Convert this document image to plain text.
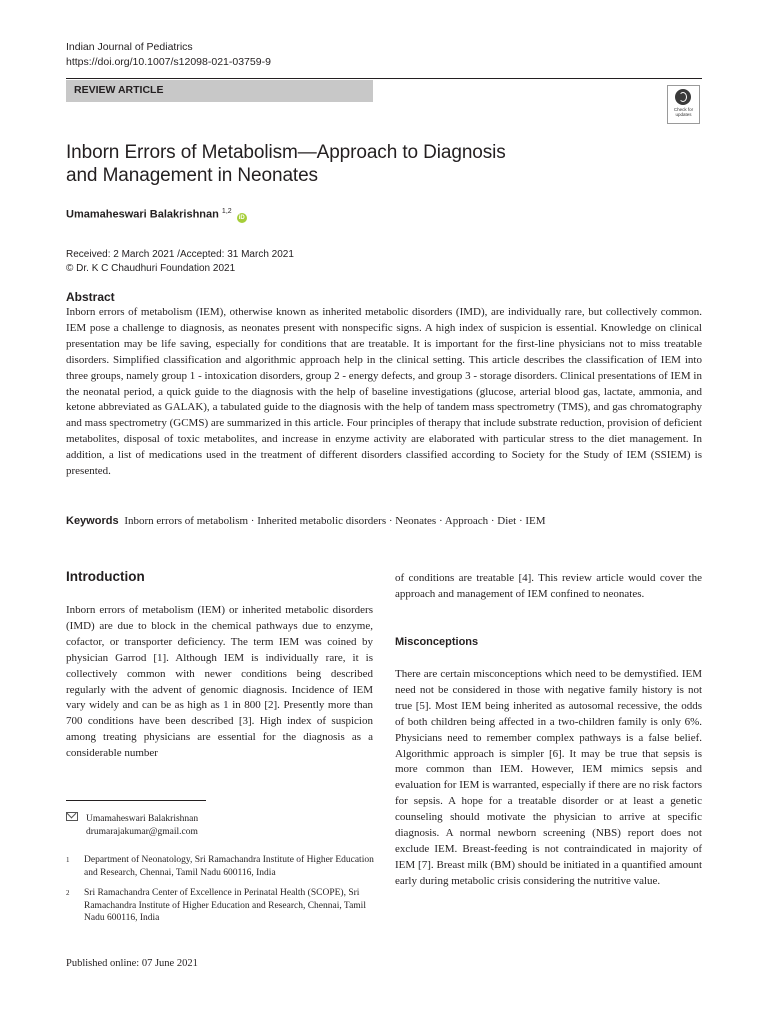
Indian Journal of Pediatrics
https://doi.org/10.1007/s12098-021-03759-9
REVIEW ARTICLE
Check for
updates
Inborn Errors of Metabolism—Approach to Diagnosis
and Management in Neonates
Umamaheswari Balakrishnan $^{1,2}$ iD
Received: 2 March 2021 /Accepted: 31 March 2021
© Dr. K C Chaudhuri Foundation 2021
Abstract
Inborn errors of metabolism (IEM), otherwise known as inherited metabolic disorders (IMD), are individually rare, but collectively common. IEM pose a challenge to diagnosis, as neonates present with nonspecific signs. A high index of suspicion is essential. Knowledge on clinical presentation may be life saving, especially for conditions that are treatable. It is important for the first-line physicians not to miss treatable disorders. Simplified classification and algorithmic approach help in the clinical setting. This article describes the classification of IEM into three groups, namely group 1 - intoxication disorders, group 2 - energy defects, and group 3 - storage disorders. Clinical presentations of IEM in the neonatal period, a quick guide to the diagnosis with the help of baseline investigations (glucose, arterial blood gas, lactate, ammonia, and ketone abbreviated as GALAK), a tabulated guide to the diagnosis with the help of tandem mass spectrometry (TMS), and gas chromatography and mass spectrometry (GCMS) are summarized in this article. Four principles of therapy that include substrate reduction, provision of deficient metabolites, disposal of toxic metabolites, and increase in enzyme activity are elaborated with particular stress to the diet management. In addition, a list of medications used in the treatment of different disorders classified according to Society for the Study of IEM (SSIEM) is presented.
Keywords Inborn errors of metabolism · Inherited metabolic disorders · Neonates · Approach · Diet · IEM
Introduction
Inborn errors of metabolism (IEM) or inherited metabolic disorders (IMD) are due to block in the chemical pathways due to enzyme, cofactor, or transporter deficiency. The term IEM was coined by physician Garrod [1]. Although IEM is individually rare, it is collectively common with newer conditions being described regularly with the advent of genomic diagnosis. Incidence of IEM vary widely and can be as high as 1 in 800 [2]. Presently more than 700 conditions have been described [3]. High index of suspicion among treating physicians are essential for the diagnosis as a considerable number
of conditions are treatable [4]. This review article would cover the approach and management of IEM confined to neonates.
Misconceptions
There are certain misconceptions which need to be demystified. IEM need not be considered in those with negative family history is not true [5]. Most IEM being inherited as autosomal recessive, the odds of both children being affected in a two-children family is only 6%. Physicians need to remember complex pathways is a false belief. Algorithmic approach is simpler [6]. It may be true that sepsis is more common than IEM. However, IEM mimics sepsis and evaluation for IEM is warranted, especially if there are no risk factors for sepsis. A hope for a treatable disorder or at least a genetic counseling should motivate the physician to arrive at specific diagnosis. A normal newborn screening (NBS) report does not exclude IEM. Breast-feeding is not contraindicated in majority of IEM [7]. Breast milk (BM) should be initiated in a quantified amount early during metabolic crisis considering the nutritive value.
Umamaheswari Balakrishnan
drumarajakumar@gmail.com
1 Department of Neonatology, Sri Ramachandra Institute of Higher Education and Research, Chennai, Tamil Nadu 600116, India
2 Sri Ramachandra Center of Excellence in Perinatal Health (SCOPE), Sri Ramachandra Institute of Higher Education and Research, Chennai, Tamil Nadu 600116, India
Published online: 07 June 2021
